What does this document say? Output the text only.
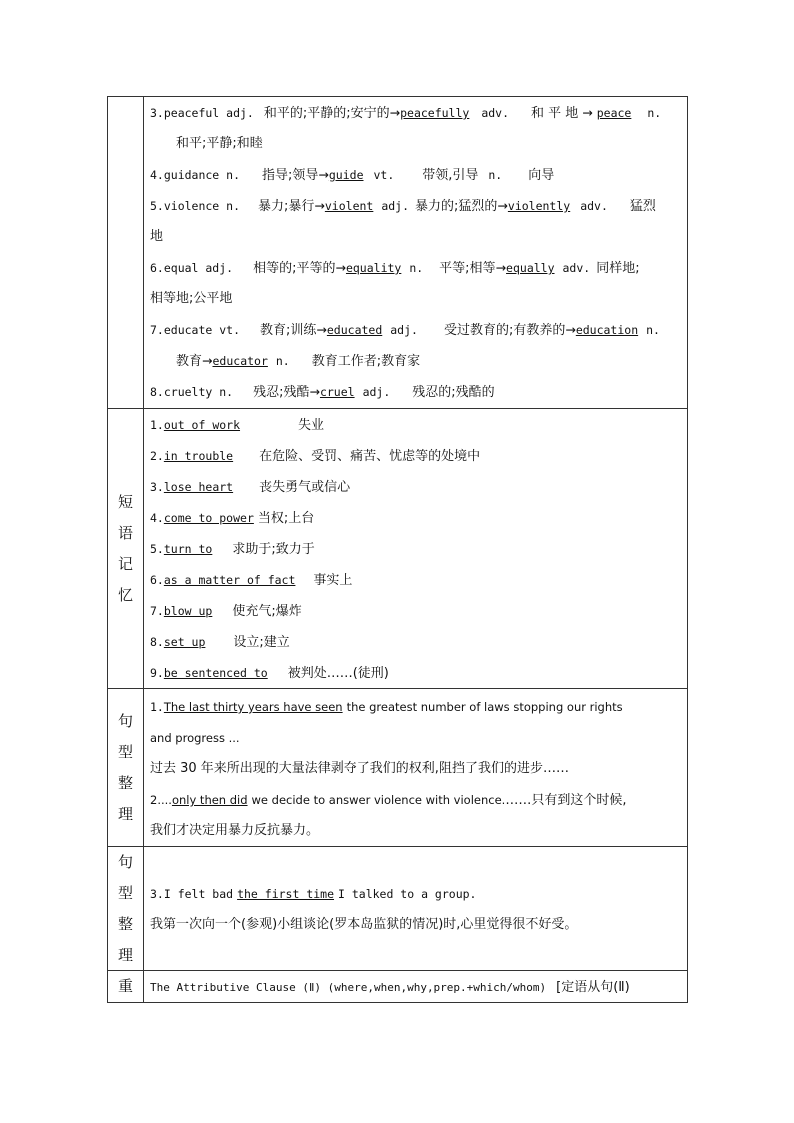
3.peaceful adj. 和平的;平静的;安宁的→peacefully adv. 和 平 地 → peace n.
和平;平静;和睦
4.guidance n. 指导;领导→guide vt. 带领,引导 n. 向导
5.violence n. 暴力;暴行→violent adj. 暴力的;猛烈的→violently adv. 猛烈
地
6.equal adj. 相等的;平等的→equality n. 平等;相等→equally adv. 同样地;
相等地;公平地
7.educate vt. 教育;训练→educated adj. 受过教育的;有教养的→education n.
教育→educator n. 教育工作者;教育家
8.cruelty n. 残忍;残酷→cruel adj. 残忍的;残酷的
短
语
记
忆
1.out of work	失业
2.in trouble 在危险、受罚、痛苦、忧虑等的处境中
3.lose heart 丧失勇气或信心
4.come to power 当权;上台
5.turn to 求助于;致力于
6.as a matter of fact 事实上
7.blow up 使充气;爆炸
8.set up 设立;建立
9.be sentenced to 被判处……(徒刑)
句
型
整
理
1.The last thirty years have seen the greatest number of laws stopping our rights
and progress ...
过去 30 年来所出现的大量法律剥夺了我们的权利,阻挡了我们的进步……
2....only then did we decide to answer violence with violence.……只有到这个时候,
我们才决定用暴力反抗暴力。
句
型
整
理
3.I felt bad the first time I talked to a group.
我第一次向一个(参观)小组谈论(罗本岛监狱的情况)时,心里觉得很不好受。
重 The Attributive Clause (Ⅱ) (where,when,why,prep.+which/whom) [定语从句(Ⅱ)
